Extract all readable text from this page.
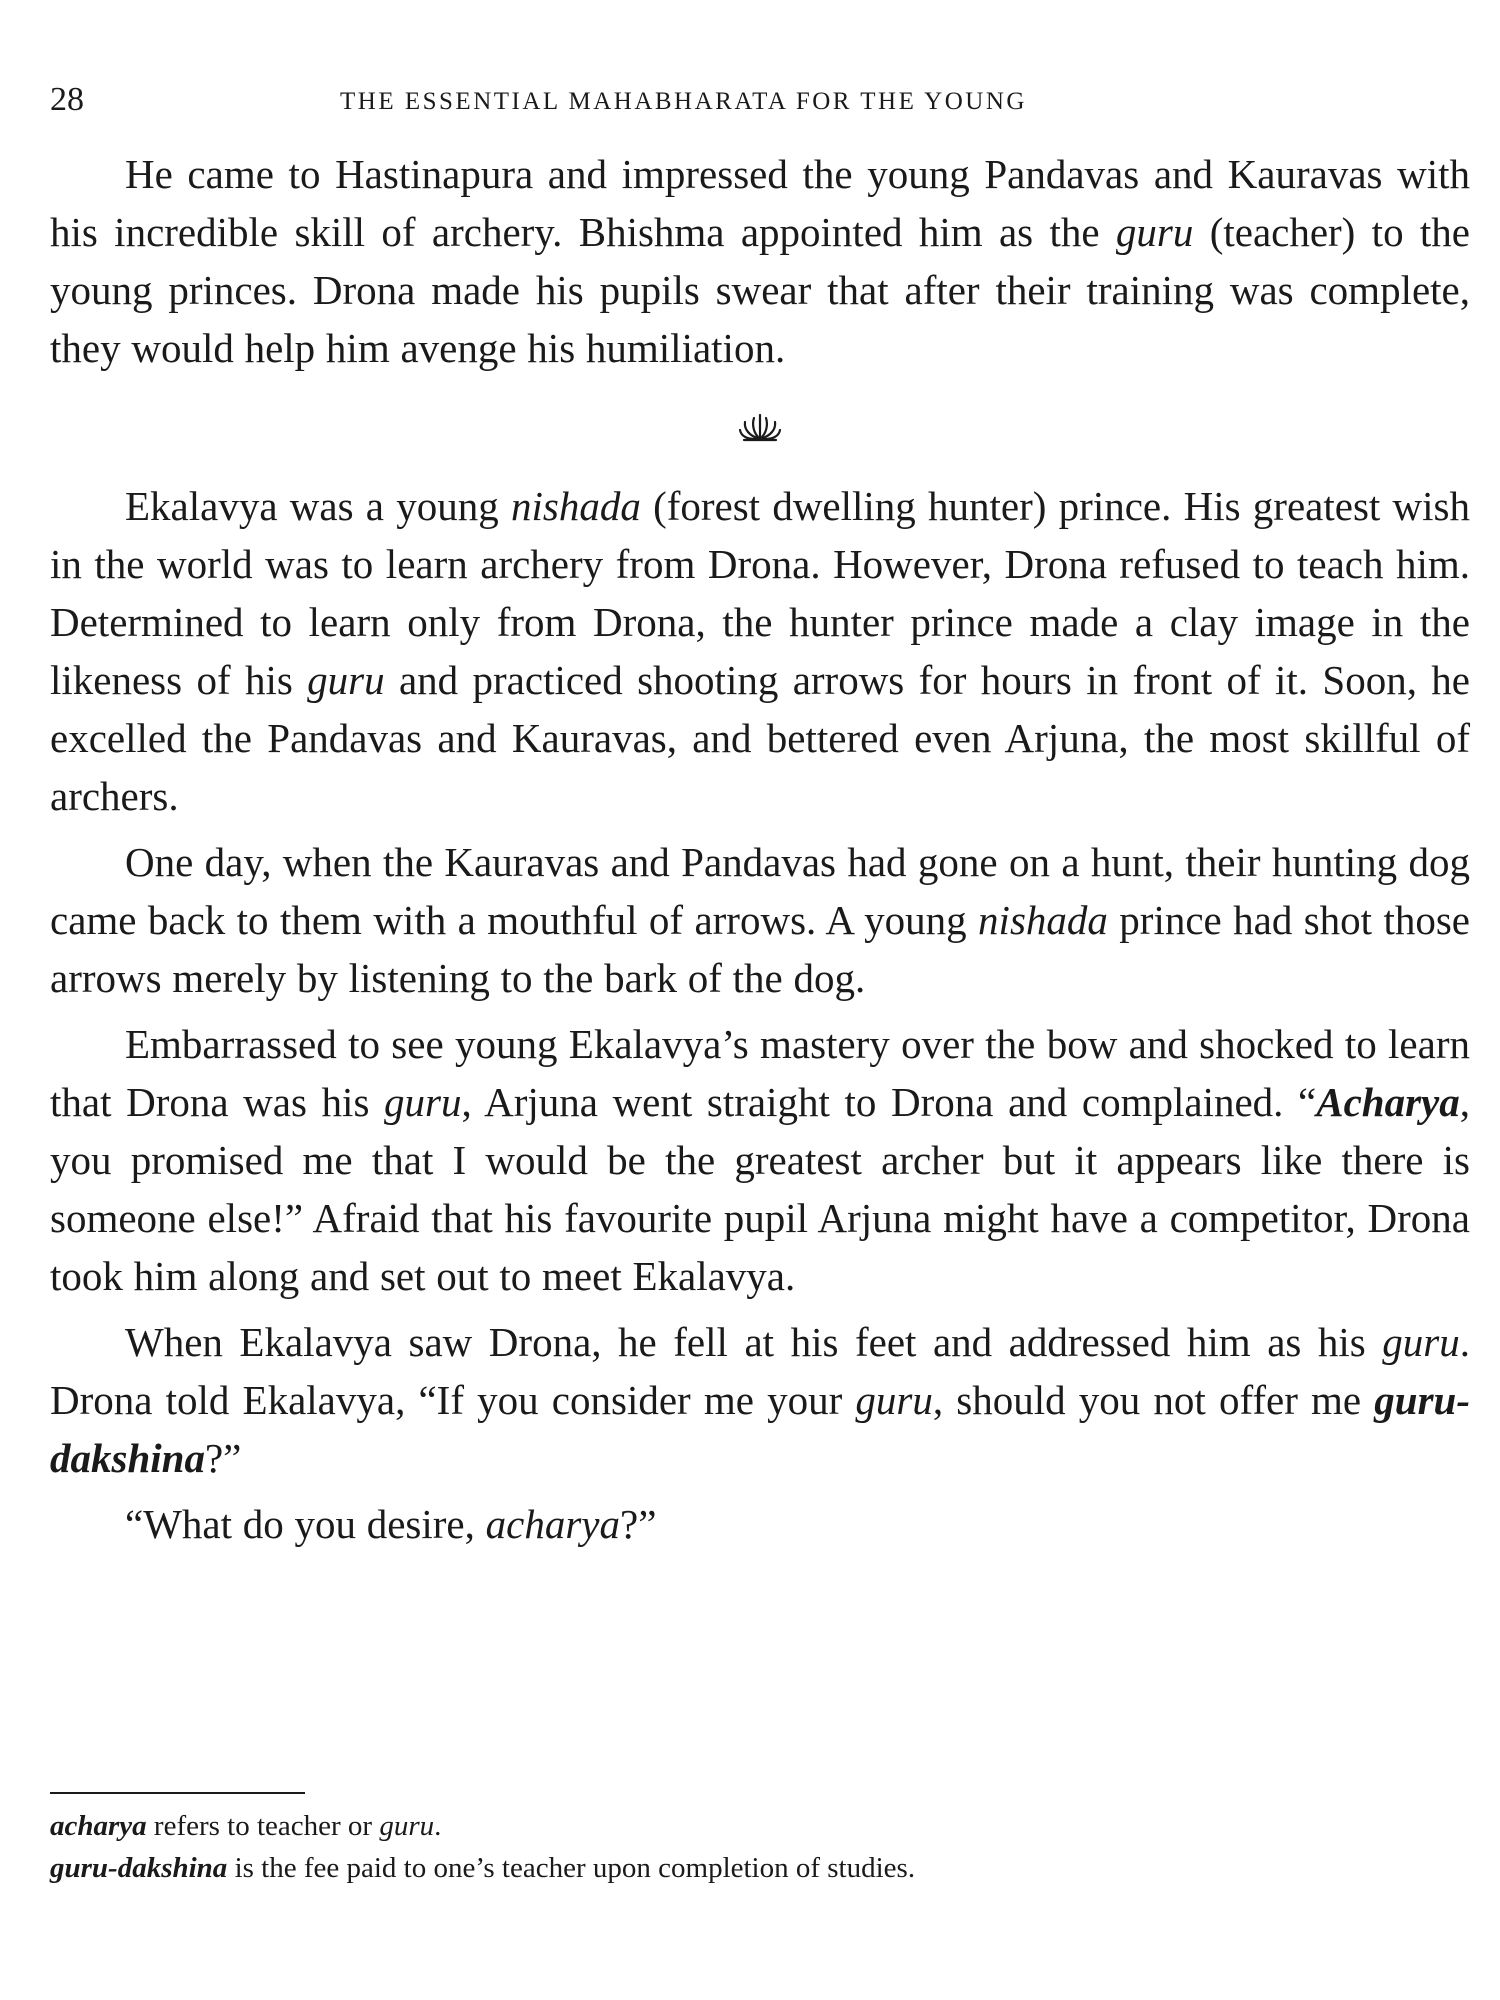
28	THE ESSENTIAL MAHABHARATA FOR THE YOUNG

He came to Hastinapura and impressed the young Pandavas and Kauravas with his incredible skill of archery. Bhishma appointed him as the guru (teacher) to the young princes. Drona made his pupils swear that after their training was complete, they would help him avenge his humiliation.

Ekalavya was a young nishada (forest dwelling hunter) prince. His greatest wish in the world was to learn archery from Drona. However, Drona refused to teach him. Determined to learn only from Drona, the hunter prince made a clay image in the likeness of his guru and practiced shooting arrows for hours in front of it. Soon, he excelled the Pandavas and Kauravas, and bettered even Arjuna, the most skillful of archers.

One day, when the Kauravas and Pandavas had gone on a hunt, their hunting dog came back to them with a mouthful of arrows. A young nishada prince had shot those arrows merely by listening to the bark of the dog.

Embarrassed to see young Ekalavya’s mastery over the bow and shocked to learn that Drona was his guru, Arjuna went straight to Drona and complained. “Acharya, you promised me that I would be the greatest archer but it appears like there is someone else!” Afraid that his favourite pupil Arjuna might have a competitor, Drona took him along and set out to meet Ekalavya.

When Ekalavya saw Drona, he fell at his feet and addressed him as his guru. Drona told Ekalavya, “If you consider me your guru, should you not offer me guru-dakshina?”

“What do you desire, acharya?”

acharya refers to teacher or guru.

guru-dakshina is the fee paid to one’s teacher upon completion of studies.
